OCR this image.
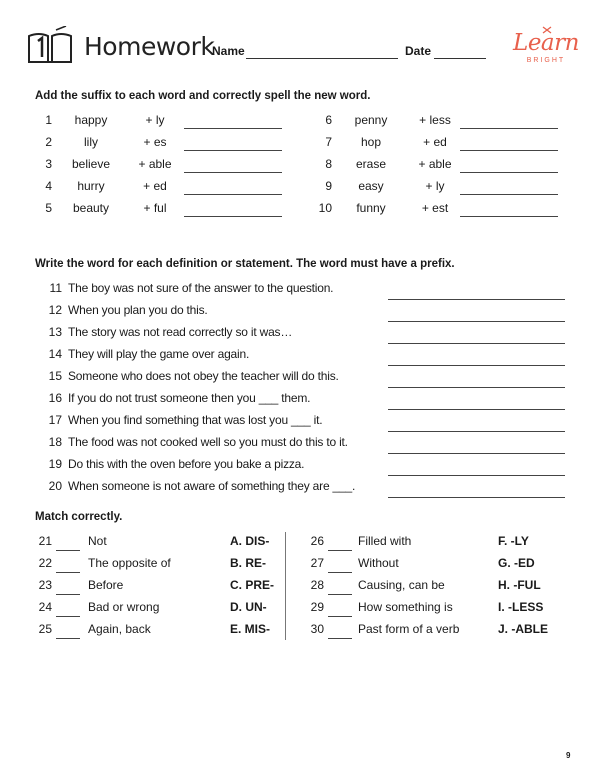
Homework
Name	Date	Learn
BRIGHT
Add the suffix to each word and correctly spell the new word.
1	happy	+ ly
2	lily	+ es
3	believe	+ able
4	hurry	+ ed
5	beauty	+ ful
6	penny	+ less
7	hop	+ ed
8	erase	+ able
9	easy	+ ly
10	funny	+ est
Write the word for each definition or statement. The word must have a prefix.
11 The boy was not sure of the answer to the question.
12 When you plan you do this.
13 The story was not read correctly so it was…
14 They will play the game over again.
15 Someone who does not obey the teacher will do this.
16 If you do not trust someone then you ___ them.
17 When you find something that was lost you ___ it.
18 The food was not cooked well so you must do this to it.
19 Do this with the oven before you bake a pizza.
20 When someone is not aware of something they are ___.
Match correctly.
21	Not	A. DIS-
22	The opposite of	B. RE-
23	Before	C. PRE-
24	Bad or wrong	D. UN-
25	Again, back	E. MIS-
26	Filled with	F. -LY
27	Without	G. -ED
28	Causing, can be	H. -FUL
29	How something is	I. -LESS
30	Past form of a verb	J. -ABLE
9
